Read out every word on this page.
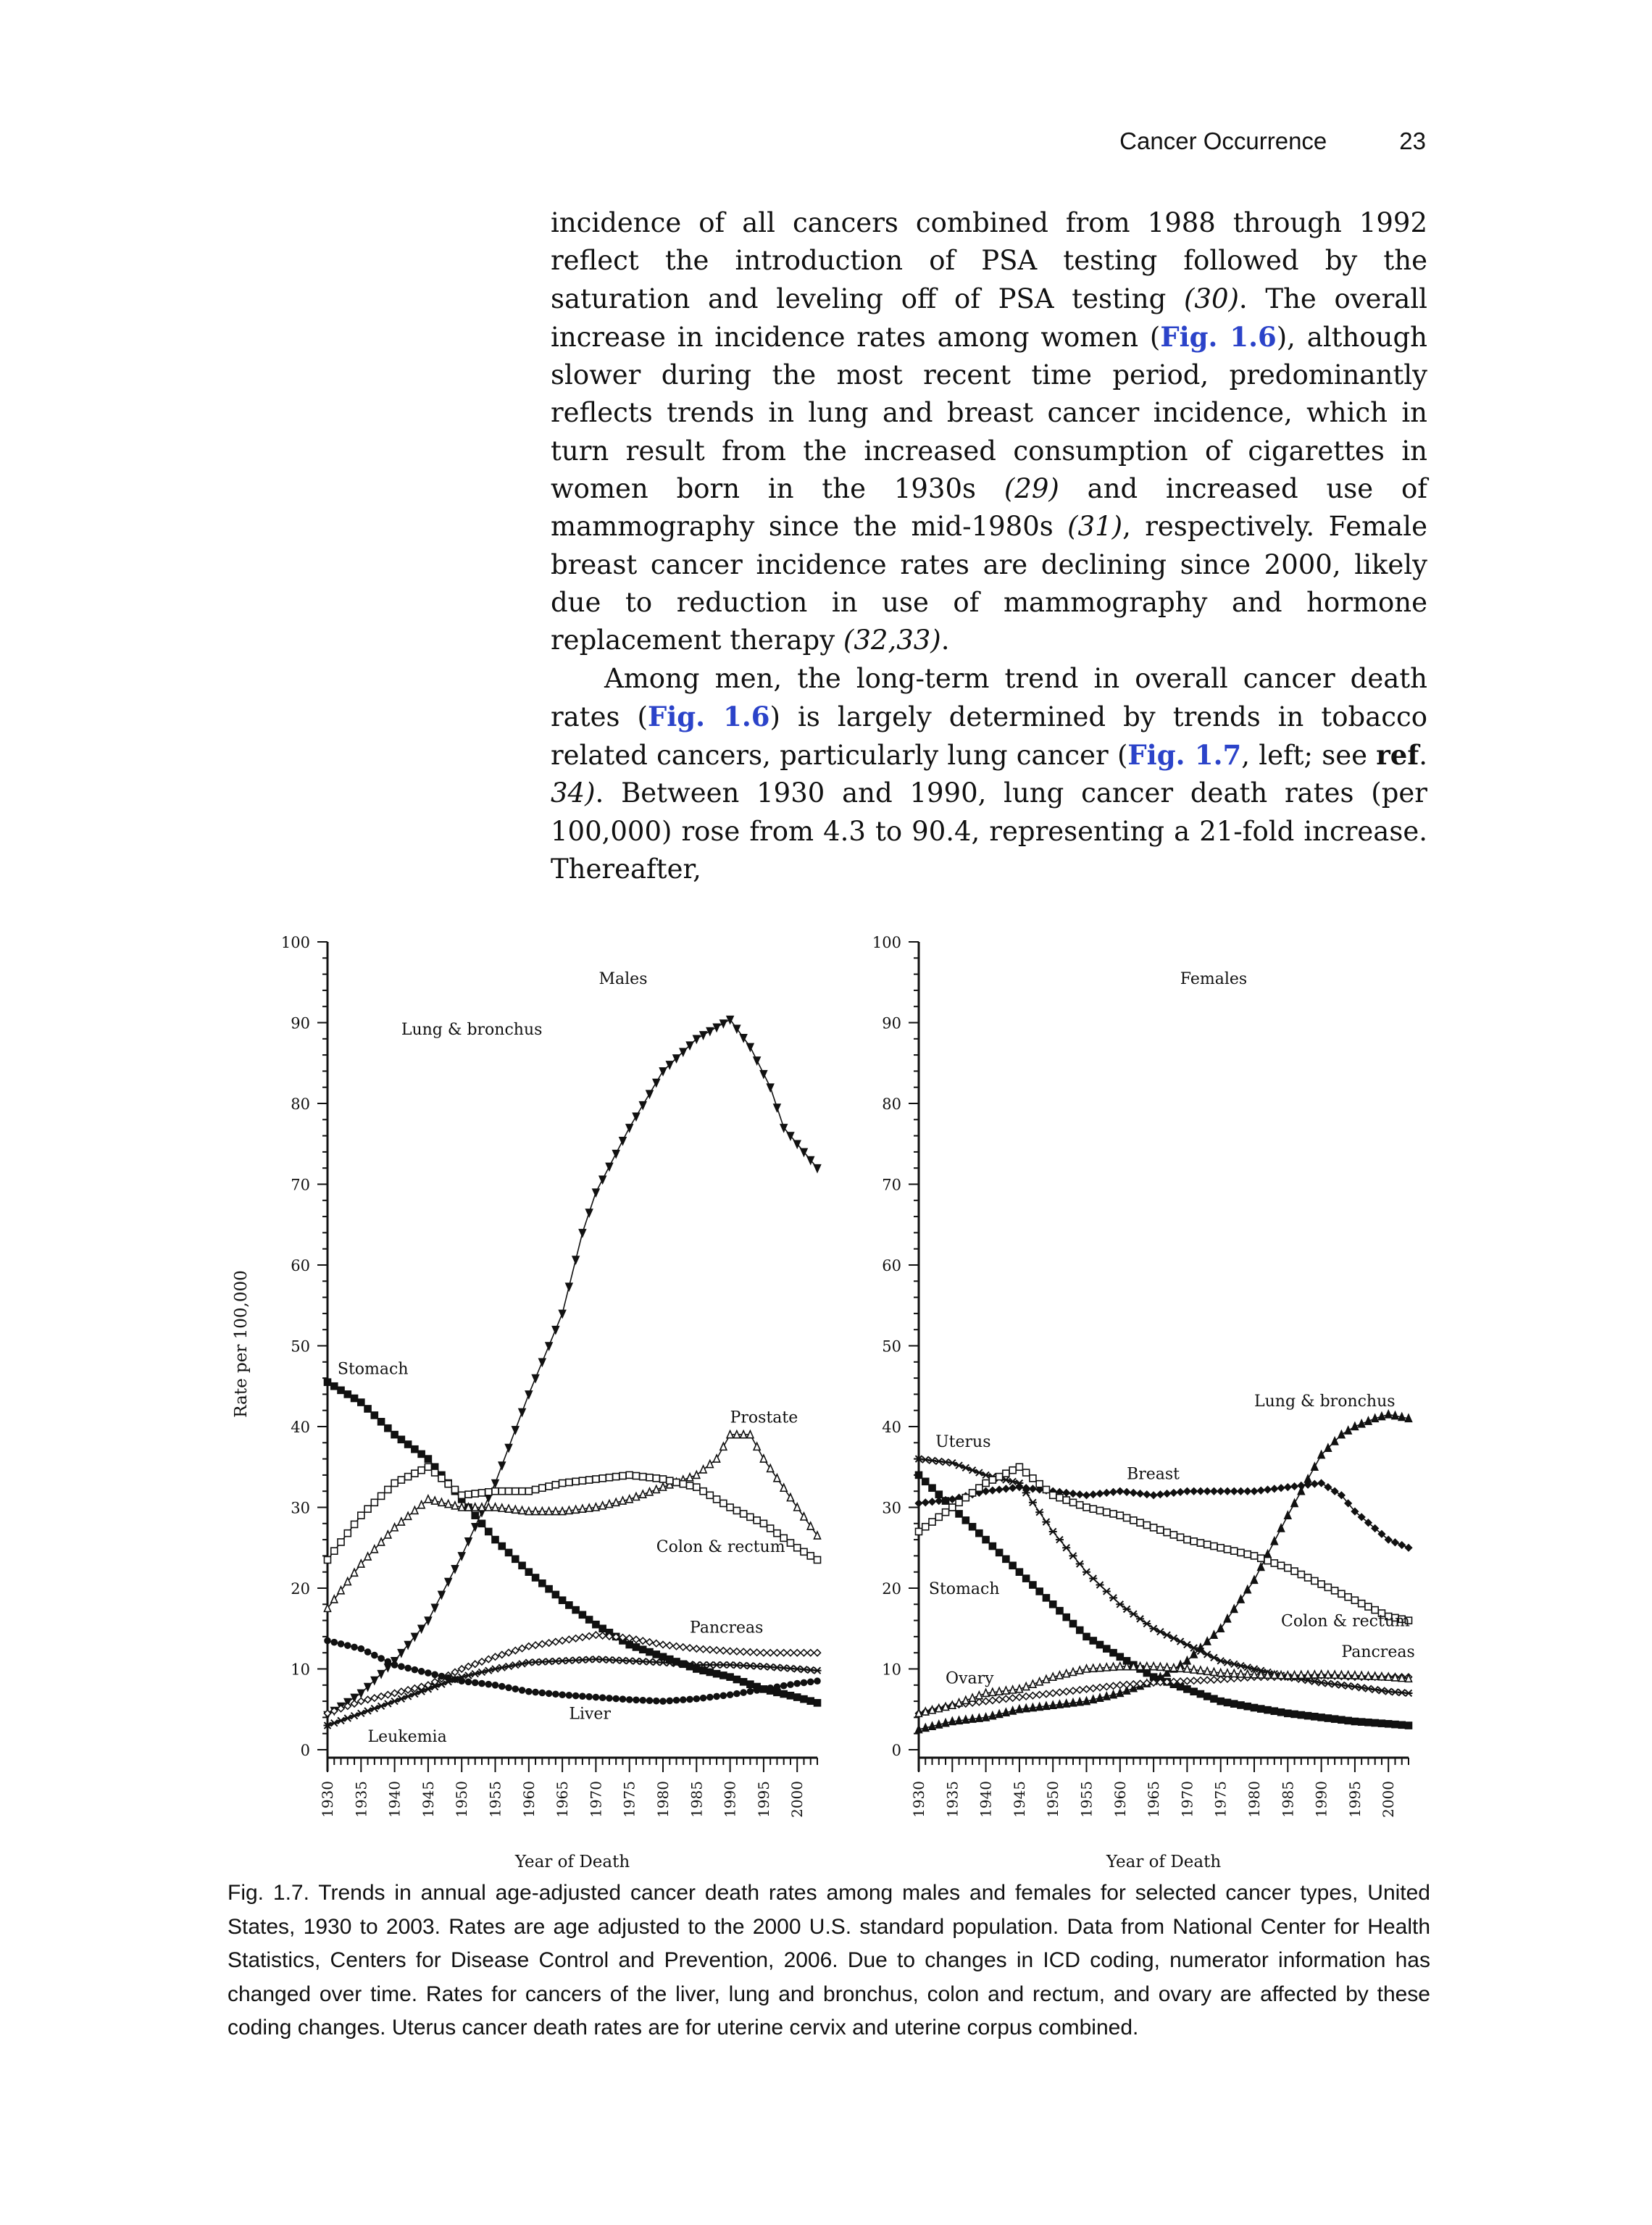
Cancer Occurrence	23

incidence of all cancers combined from 1988 through 1992 reflect the introduction of PSA testing followed by the saturation and leveling off of PSA testing (30). The overall increase in incidence rates among women (Fig. 1.6), although slower during the most recent time period, predominantly reflects trends in lung and breast cancer incidence, which in turn result from the increased consumption of cigarettes in women born in the 1930s (29) and increased use of mammography since the mid-1980s (31), respectively. Female breast cancer incidence rates are declining since 2000, likely due to reduction in use of mammography and hormone replacement therapy (32,33).

Among men, the long-term trend in overall cancer death rates (Fig. 1.6) is largely determined by trends in tobacco related cancers, particularly lung cancer (Fig. 1.7, left; see ref. 34). Between 1930 and 1990, lung cancer death rates (per 100,000) rose from 4.3 to 90.4, representing a 21-fold increase. Thereafter,

0
10
20
30
40
50
60
70
80
90
100
1930 1935 1940 1945 1950 1955 1960 1965 1970 1975 1980 1985 1990 1995 2000
Males
Year of Death
Rate per 100,000
Lung & bronchus
Stomach
Prostate
Colon & rectum
Pancreas
Liver
Leukemia
0
10
20
30
40
50
60
70
80
90
100
1930 1935 1940 1945 1950 1955 1960 1965 1970 1975 1980 1985 1990 1995 2000
Females
Year of Death
Lung & bronchus
Uterus
Breast
Stomach
Colon & rectum
Pancreas
Ovary
Fig. 1.7. Trends in annual age-adjusted cancer death rates among males and females for selected cancer types, United States, 1930 to 2003. Rates are age adjusted to the 2000 U.S. standard population. Data from National Center for Health Statistics, Centers for Disease Control and Prevention, 2006. Due to changes in ICD coding, numerator information has changed over time. Rates for cancers of the liver, lung and bronchus, colon and rectum, and ovary are affected by these coding changes. Uterus cancer death rates are for uterine cervix and uterine corpus combined.
